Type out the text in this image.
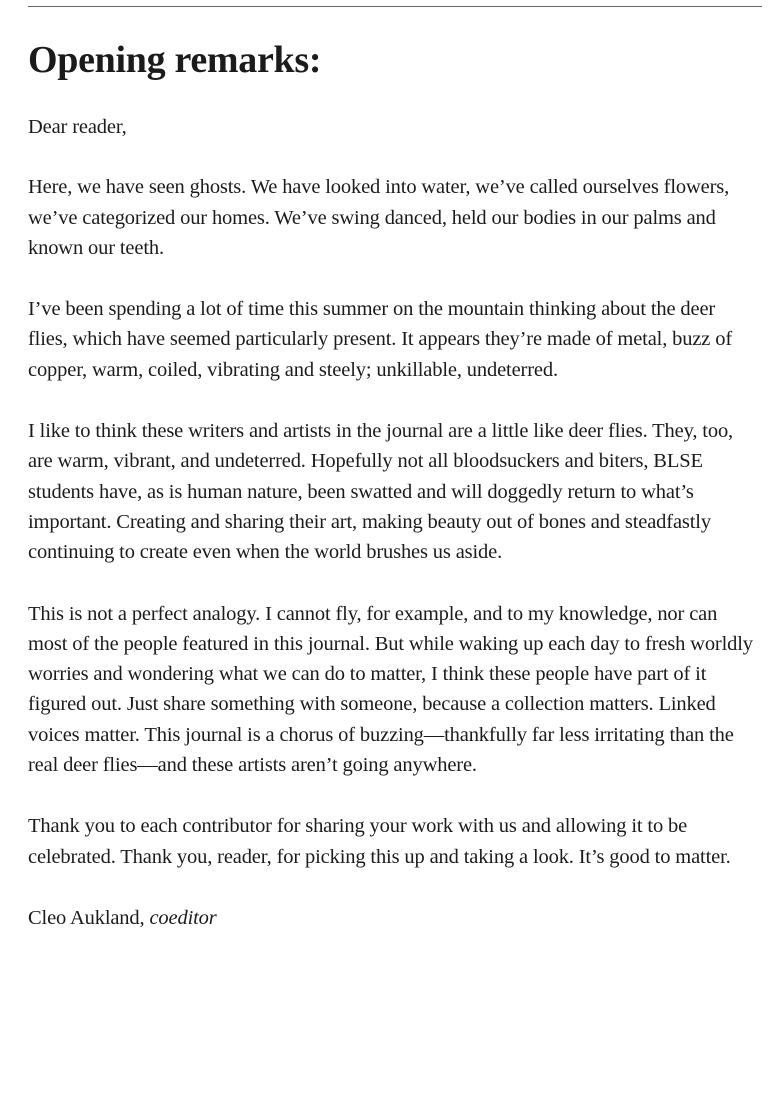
Opening remarks:

Dear reader,

Here, we have seen ghosts. We have looked into water, we’ve called ourselves flowers, we’ve categorized our homes. We’ve swing danced, held our bodies in our palms and known our teeth.

I’ve been spending a lot of time this summer on the mountain thinking about the deer flies, which have seemed particularly present. It appears they’re made of metal, buzz of copper, warm, coiled, vibrating and steely; unkillable, undeterred.

I like to think these writers and artists in the journal are a little like deer flies. They, too, are warm, vibrant, and undeterred. Hopefully not all bloodsuckers and biters, BLSE students have, as is human nature, been swatted and will doggedly return to what’s important. Creating and sharing their art, making beauty out of bones and steadfastly continuing to create even when the world brushes us aside.

This is not a perfect analogy. I cannot fly, for example, and to my knowledge, nor can most of the people featured in this journal. But while waking up each day to fresh worldly worries and wondering what we can do to matter, I think these people have part of it figured out. Just share something with someone, because a collection matters. Linked voices matter. This journal is a chorus of buzzing—thankfully far less irritating than the real deer flies—and these artists aren’t going anywhere.

Thank you to each contributor for sharing your work with us and allowing it to be celebrated. Thank you, reader, for picking this up and taking a look. It’s good to matter.

Cleo Aukland, coeditor
